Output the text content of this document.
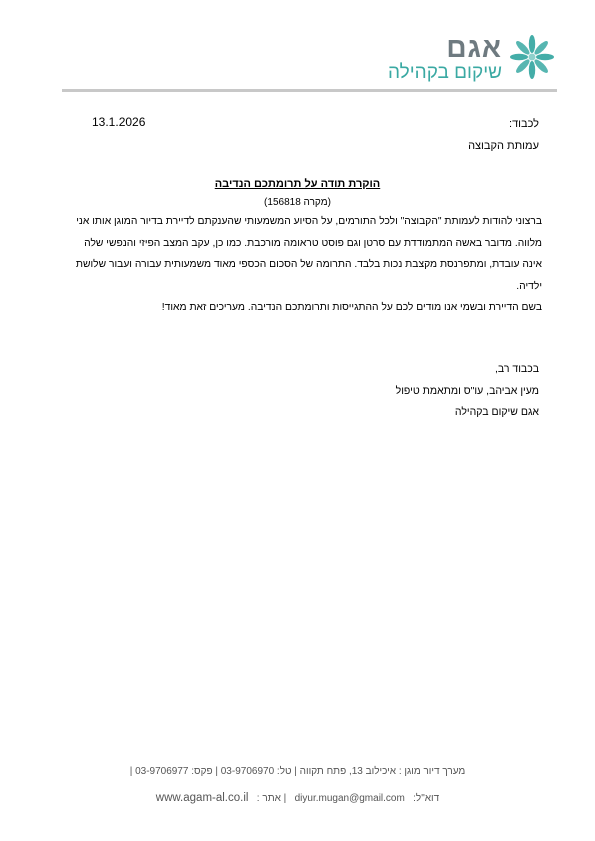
אגם
שיקום בקהילה
לכבוד:
עמותת הקבוצה
13.1.2026
הוקרת תודה על תרומתכם הנדיבה
(מקרה 156818)

ברצוני להודות לעמותת "הקבוצה" ולכל התורמים, על הסיוע המשמעותי שהענקתם לדיירת בדיור המוגן אותו אני מלווה. מדובר באשה המתמודדת עם סרטן וגם פוסט טראומה מורכבת. כמו כן, עקב המצב הפיזי והנפשי שלה אינה עובדת, ומתפרנסת מקצבת נכות בלבד. התרומה של הסכום הכספי מאוד משמעותית עבורה ועבור שלושת ילדיה.

בשם הדיירת ובשמי אנו מודים לכם על ההתגייסות ותרומתכם הנדיבה. מעריכים זאת מאוד!

בכבוד רב,
מעין אביהב, עו"ס ומתאמת טיפול
אגם שיקום בקהילה
מערך דיור מוגן : איכילוב 13, פתח תקווה | טל: 03-9706970 | פקס: 03-9706977 |
דוא"ל:   diyur.mugan@gmail.com   | אתר :   www.agam-al.co.il
